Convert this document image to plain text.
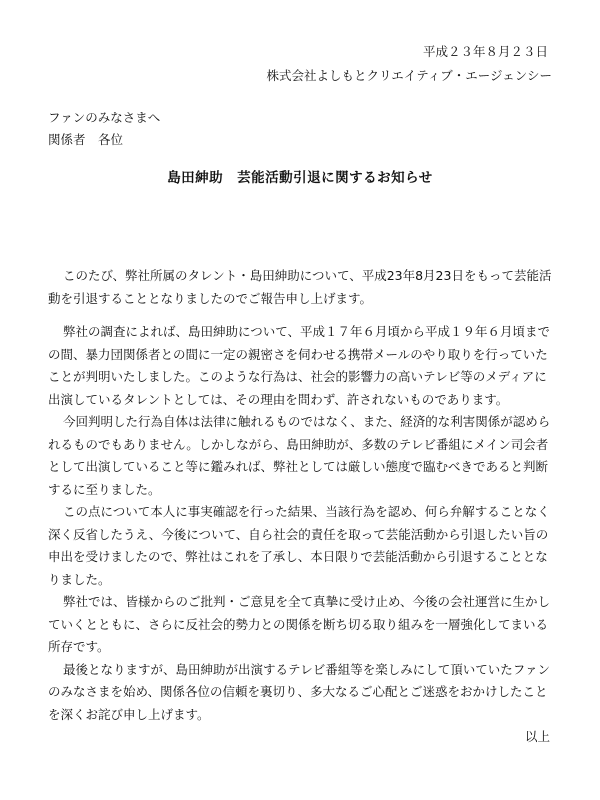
平成２３年８月２３日
株式会社よしもとクリエイティブ・エージェンシー
ファンのみなさまへ
関係者　各位
島田紳助　芸能活動引退に関するお知らせ

このたび、弊社所属のタレント・島田紳助について、平成23年8月23日をもって芸能活動を引退することとなりましたのでご報告申し上げます。

弊社の調査によれば、島田紳助について、平成１７年６月頃から平成１９年６月頃までの間、暴力団関係者との間に一定の親密さを伺わせる携帯メールのやり取りを行っていたことが判明いたしました。このような行為は、社会的影響力の高いテレビ等のメディアに出演しているタレントとしては、その理由を問わず、許されないものであります。

今回判明した行為自体は法律に触れるものではなく、また、経済的な利害関係が認められるものでもありません。しかしながら、島田紳助が、多数のテレビ番組にメイン司会者として出演していること等に鑑みれば、弊社としては厳しい態度で臨むべきであると判断するに至りました。

この点について本人に事実確認を行った結果、当該行為を認め、何ら弁解することなく深く反省したうえ、今後について、自ら社会的責任を取って芸能活動から引退したい旨の申出を受けましたので、弊社はこれを了承し、本日限りで芸能活動から引退することとなりました。

弊社では、皆様からのご批判・ご意見を全て真摯に受け止め、今後の会社運営に生かしていくとともに、さらに反社会的勢力との関係を断ち切る取り組みを一層強化してまいる所存です。

最後となりますが、島田紳助が出演するテレビ番組等を楽しみにして頂いていたファンのみなさまを始め、関係各位の信頼を裏切り、多大なるご心配とご迷惑をおかけしたことを深くお詫び申し上げます。

以上
